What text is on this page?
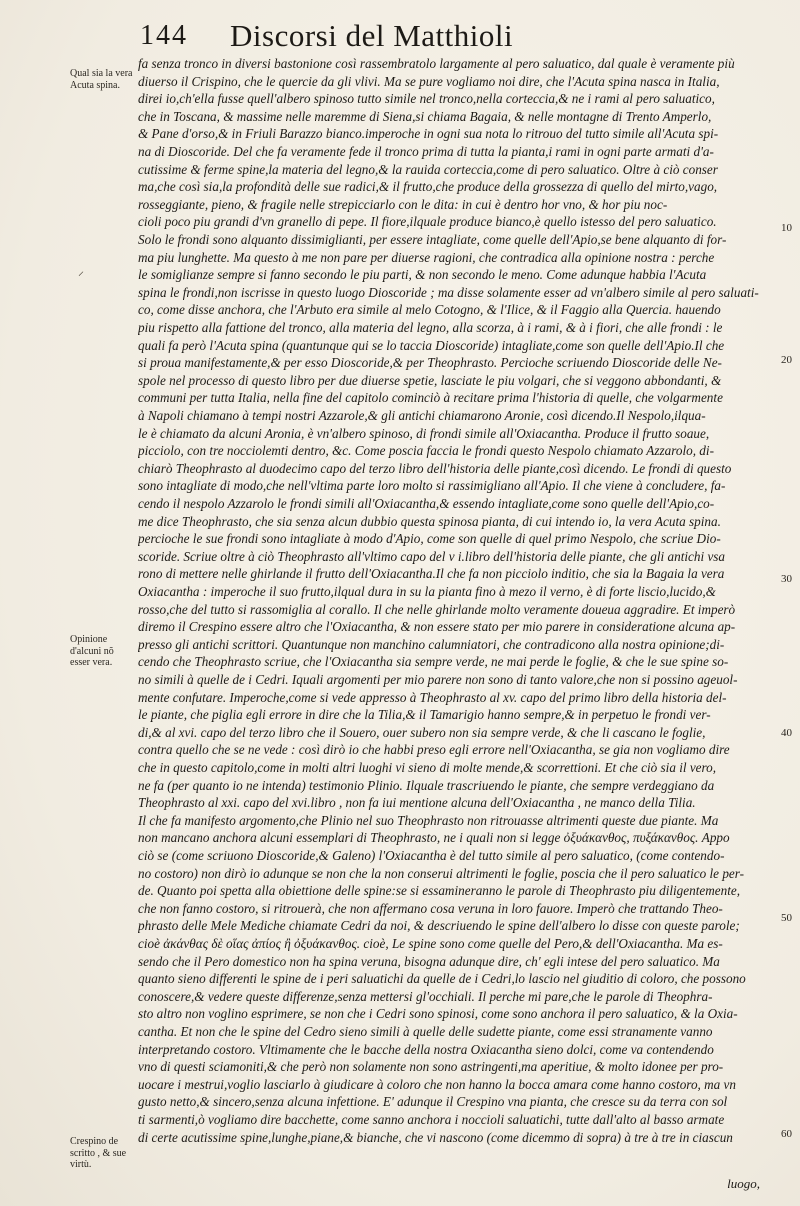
144 Discorsi del Matthioli
fa senza tronco in diversi bastonione così rassembratolo largamente al pero saluatico, dal quale è veramente più
diuerso il Crispino, che le quercie da gli vlivi. Ma se pure vogliamo noi dire, che l'Acuta spina nasca in Italia,
direi io,ch'ella fusse quell'albero spinoso tutto simile nel tronco,nella corteccia,& ne i rami al pero saluatico,
che in Toscana, & massime nelle maremme di Siena,si chiama Bagaia, & nelle montagne di Trento Amperlo,
& Pane d'orso,& in Friuli Barazzo bianco.imperoche in ogni sua nota lo ritrouo del tutto simile all'Acuta spi-
na di Dioscoride. Del che fa veramente fede il tronco prima di tutta la pianta,i rami in ogni parte armati d'a-
cutissime & ferme spine,la materia del legno,& la rauida corteccia,come di pero saluatico. Oltre à ciò conser
ma,che così sia,la profondità delle sue radici,& il frutto,che produce della grossezza di quello del mirto,vago,
rosseggiante, pieno, & fragile nelle strepicciarlo con le dita: in cui è dentro hor vno, & hor piu noc-
cioli poco piu grandi d'vn granello di pepe. Il fiore,ilquale produce bianco,è quello istesso del pero saluatico.
Solo le frondi sono alquanto dissimiglianti, per essere intagliate, come quelle dell'Apio,se bene alquanto di for-
ma piu lunghette. Ma questo à me non pare per diuerse ragioni, che contradica alla opinione nostra : perche
le somiglianze sempre si fanno secondo le piu parti, & non secondo le meno. Come adunque habbia l'Acuta
spina le frondi,non iscrisse in questo luogo Dioscoride ; ma disse solamente esser ad vn'albero simile al pero saluati-
co, come disse anchora, che l'Arbuto era simile al melo Cotogno, & l'Ilice, & il Faggio alla Quercia. hauendo
piu rispetto alla fattione del tronco, alla materia del legno, alla scorza, à i rami, & à i fiori, che alle frondi : le
quali fa però l'Acuta spina (quantunque qui se lo taccia Dioscoride) intagliate,come son quelle dell'Apio.Il che
si proua manifestamente,& per esso Dioscoride,& per Theophrasto. Percioche scriuendo Dioscoride delle Ne-
spole nel processo di questo libro per due diuerse spetie, lasciate le piu volgari, che si veggono abbondanti, &
communi per tutta Italia, nella fine del capitolo cominciò à recitare prima l'historia di quelle, che volgarmente
à Napoli chiamano à tempi nostri Azzarole,& gli antichi chiamarono Aronie, così dicendo.Il Nespolo,ilqua-
le è chiamato da alcuni Aronia, è vn'albero spinoso, di frondi simile all'Oxiacantha. Produce il frutto soaue,
picciolo, con tre nocciolетti dentro, &c. Come poscia faccia le frondi questo Nespolo chiamato Azzarolo, di-
chiarò Theophrasto al duodecimo capo del terzo libro dell'historia delle piante,così dicendo. Le frondi di questo
sono intagliate di modo,che nell'vltima parte loro molto si rassimigliano all'Apio. Il che viene à concludere, fa-
cendo il nespolo Azzarolo le frondi simili all'Oxiacantha,& essendo intagliate,come sono quelle dell'Apio,co-
me dice Theophrasto, che sia senza alcun dubbio questa spinosa pianta, di cui intendo io, la vera Acuta spina.
percioche le sue frondi sono intagliate à modo d'Apio, come son quelle di quel primo Nespolo, che scriue Dio-
scoride. Scriue oltre à ciò Theophrasto all'vltimo capo del v i.libro dell'historia delle piante, che gli antichi vsa
rono di mettere nelle ghirlande il frutto dell'Oxiacantha.Il che fa non picciolo inditio, che sia la Bagaia la vera
Oxiacantha : imperoche il suo frutto,ilqual dura in su la pianta fino à mezo il verno, è di forte liscio,lucido,&
rosso,che del tutto si rassomiglia al corallo. Il che nelle ghirlande molto veramente doueua aggradire. Et imperò
diremo il Crespino essere altro che l'Oxiacantha, & non essere stato per mio parere in consideratione alcuna ap-
presso gli antichi scrittori. Quantunque non manchino calumniatori, che contradicono alla nostra opinione;di-
cendo che Theophrasto scriue, che l'Oxiacantha sia sempre verde, ne mai perde le foglie, & che le sue spine so-
no simili à quelle de i Cedri. Iquali argomenti per mio parere non sono di tanto valore,che non si possino ageuol-
mente confutare. Imperoche,come si vede appresso à Theophrasto al xv. capo del primo libro della historia del-
le piante, che piglia egli errore in dire che la Tilia,& il Tamarigio hanno sempre,& in perpetuo le frondi ver-
di,& al xvi. capo del terzo libro che il Souero, ouer subero non sia sempre verde, & che li cascano le foglie,
contra quello che se ne vede : così dirò io che habbi preso egli errore nell'Oxiacantha, se gia non vogliamo dire
che in questo capitolo,come in molti altri luoghi vi sieno di molte mende,& scorrettioni. Et che ciò sia il vero,
ne fa (per quanto io ne intenda) testimonio Plinio. Ilquale trascriuendo le piante, che sempre verdeggiano da
Theophrasto al xxi. capo del xvi.libro , non fa iui mentione alcuna dell'Oxiacantha , ne manco della Tilia.
Il che fa manifesto argomento,che Plinio nel suo Theophrasto non ritrouasse altrimenti queste due piante. Ma
non mancano anchora alcuni essemplari di Theophrasto, ne i quali non si legge ὀξυάκανθος, πυξάκανθος. Appo
ciò se (come scriuono Dioscoride,& Galeno) l'Oxiacantha è del tutto simile al pero saluatico, (come contendo-
no costoro) non dirò io adunque se non che la non conserui altrimenti le foglie, poscia che il pero saluatico le per-
de. Quanto poi spetta alla obiettione delle spine:se si essamineranno le parole di Theophrasto piu diligentemente,
che non fanno costoro, si ritrouerà, che non affermano cosa veruna in loro fauore. Imperò che trattando Theo-
phrasto delle Mele Mediche chiamate Cedri da noi, & descriuendo le spine dell'albero lo disse con queste parole;
cioè ἀκάνθας δὲ οἵας ἀπίος ἢ ὀξυάκανθος. cioè, Le spine sono come quelle del Pero,& dell'Oxiacantha. Ma es-
sendo che il Pero domestico non ha spina veruna, bisogna adunque dire, ch' egli intese del pero saluatico. Ma
quanto sieno differenti le spine de i peri saluatichi da quelle de i Cedri,lo lascio nel giuditio di coloro, che possono
conoscere,& vedere queste differenze,senza mettersi gl'occhiali. Il perche mi pare,che le parole di Theophra-
sto altro non voglino esprimere, se non che i Cedri sono spinosi, come sono anchora il pero saluatico, & la Oxia-
cantha. Et non che le spine del Cedro sieno simili à quelle delle sudette piante, come essi stranamente vanno
interpretando costoro. Vltimamente che le bacche della nostra Oxiacantha sieno dolci, come va contendendo
vno di questi sciamoniti,& che però non solamente non sono astringenti,ma aperitiue, & molto idonee per pro-
uocare i mestrui,voglio lasciarlo à giudicare à coloro che non hanno la bocca amara come hanno costoro, ma vn
gusto netto,& sincero,senza alcuna infettione. E' adunque il Crespino vna pianta, che cresce su da terra con sol
ti sarmenti,ò vogliamo dire bacchette, come sanno anchora i noccioli saluatichi, tutte dall'alto al basso armate
di certe acutissime spine,lunghe,piane,& bianche, che vi nascono (come dicemmo di sopra) à tre à tre in ciascun
Qual sia la vera Acuta spina.
Opinione d'alcuni nõ esser vera.
Crespino de scritto , & sue virtù.
⸝
10
20
30
40
50
60
luogo,
